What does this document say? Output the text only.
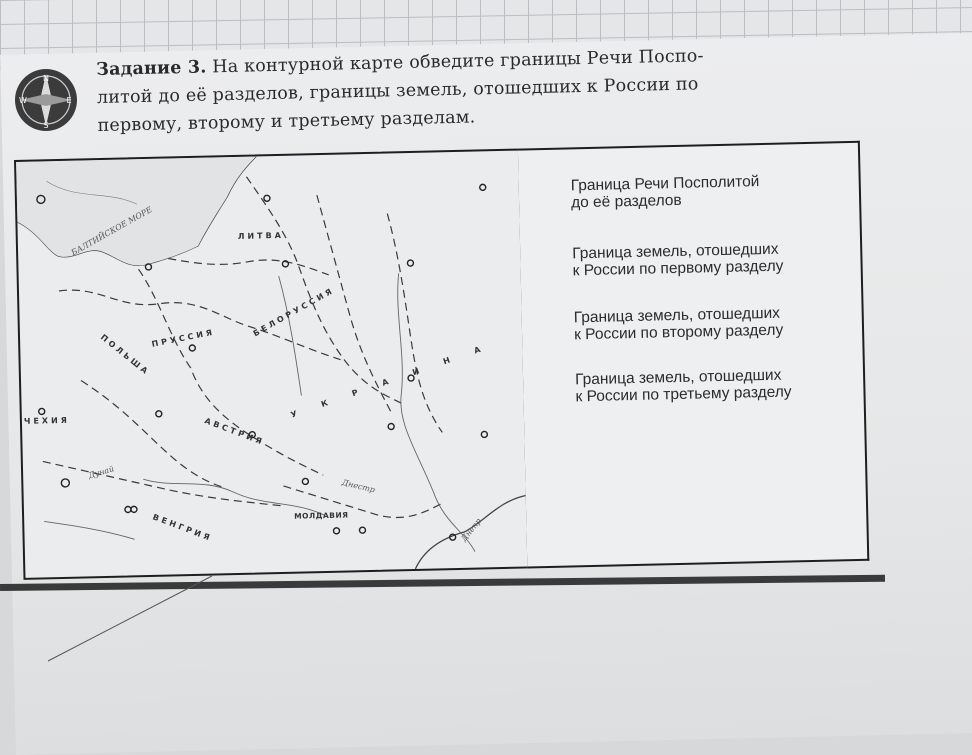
N
S
W	E
Задание 3. На контурной карте обведите границы Речи Поспо-
литой до её разделов, границы земель, отошедших к России по
первому, второму и третьему разделам.
БАЛТИЙСКОЕ МОРЕ	ЛИТВА
БЕЛОРУССИЯ
ПРУССИЯ
ПОЛЬША
ЧЕХИЯ	АВСТРИЯ
ВЕНГРИЯ	МОЛДАВИЯ
УКРАИНА
Дунай
Днестр
Днепр
Граница Речи Посполитой
до её разделов
Граница земель, отошедших
к России по первому разделу
Граница земель, отошедших
к России по второму разделу
Граница земель, отошедших
к России по третьему разделу
